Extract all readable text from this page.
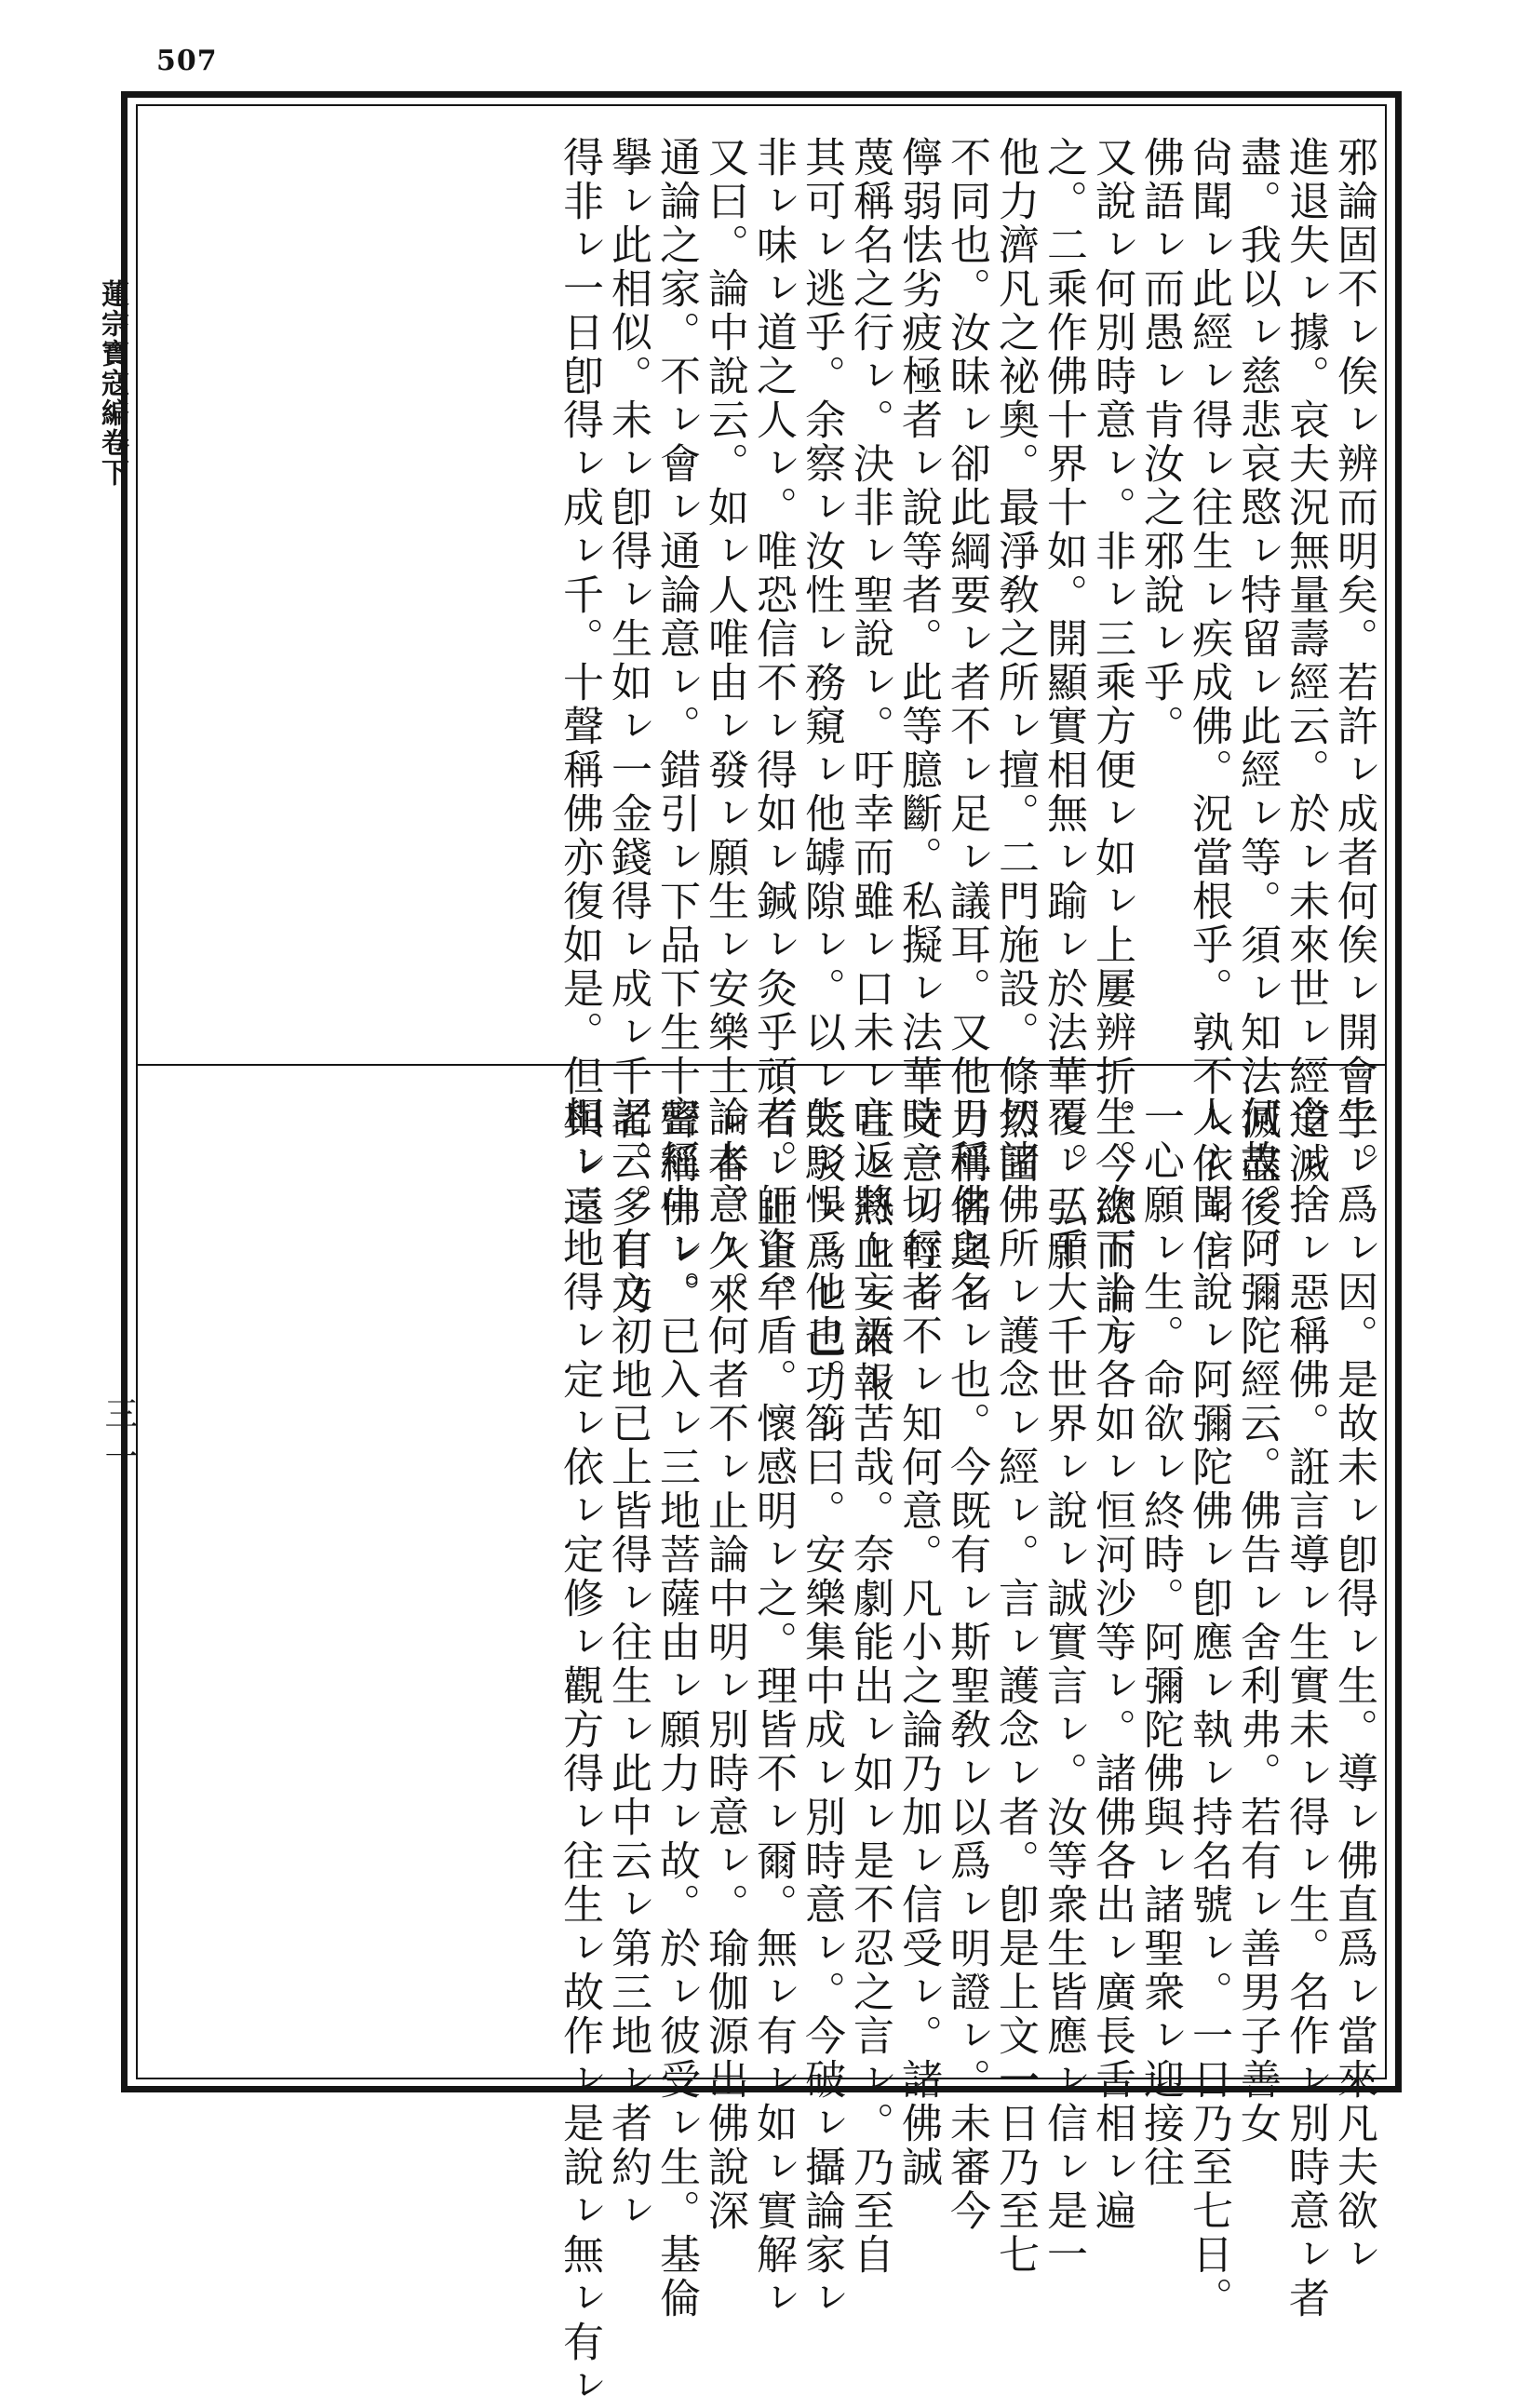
507
蓮宗寶寇編卷下
三一
邪論固不ㇾ俟ㇾ辨而明矣。若許ㇾ成者何俟ㇾ開會乎。
進退失ㇾ據。哀夫況無量壽經云。於ㇾ未來世ㇾ經道滅
盡。我以ㇾ慈悲哀愍ㇾ特留ㇾ此經ㇾ等。須ㇾ知法滅盡後。
尙聞ㇾ此經ㇾ得ㇾ往生ㇾ疾成佛。況當根乎。孰不ㇾ依ㇾ信
佛語ㇾ而愚ㇾ肯汝之邪說ㇾ乎。
又說ㇾ何別時意ㇾ。非ㇾ三乘方便ㇾ如ㇾ上屢辨折。今總而論ㇾ
之。二乘作佛十界十如。開顯實相無ㇾ踰ㇾ於法華ㇾ。弘願
他力濟凡之祕奧。最淨敎之所ㇾ擅。二門施設。條然固
不同也。汝昧ㇾ卻此綱要ㇾ者不ㇾ足ㇾ議耳。又他力稱名與ㇾ
儜弱怯劣疲極者ㇾ說等者。此等臆斷。私擬ㇾ法華文意ㇾ輕ㇾ
蔑稱名之行ㇾ。決非ㇾ聖說ㇾ。吁幸而雖ㇾ口未ㇾ吐ㇾ熱血ㇾ來報
其可ㇾ逃乎。余察ㇾ汝性ㇾ務窺ㇾ他罅隙ㇾ。以ㇾ貶駁ㇾ爲ㇾ己功ㇾ
非ㇾ味ㇾ道之人ㇾ。唯恐信不ㇾ得如ㇾ鍼ㇾ灸乎頑石ㇾ止止。
又曰。論中說云。如ㇾ人唯由ㇾ發ㇾ願生ㇾ安樂土ㇾ者。久來
通論之家。不ㇾ會ㇾ通論意ㇾ。錯引ㇾ下品下生十聲稱佛ㇾ。
擧ㇾ此相似。未ㇾ卽得ㇾ生如ㇾ一金錢得ㇾ成ㇾ千者。多日乃
得非ㇾ一日卽得ㇾ成ㇾ千。十聲稱佛亦復如是。但與ㇾ遠
生ㇾ爲ㇾ因。是故未ㇾ卽得ㇾ生。導ㇾ佛直爲ㇾ當來凡夫欲ㇾ
令ㇾ捨ㇾ惡稱佛。誑言導ㇾ生實未ㇾ得ㇾ生。名作ㇾ別時意ㇾ者
何故。阿彌陀經云。佛告ㇾ舍利弗。若有ㇾ善男子善女
人ㇾ聞ㇾ說ㇾ阿彌陀佛ㇾ卽應ㇾ執ㇾ持名號ㇾ。一日乃至七日。
一心願ㇾ生。命欲ㇾ終時。阿彌陀佛與ㇾ諸聖衆ㇾ迎接往
生。次下十方各如ㇾ恒河沙等ㇾ。諸佛各出ㇾ廣長舌相ㇾ遍
覆ㇾ三千大千世界ㇾ說ㇾ誠實言ㇾ。汝等衆生皆應ㇾ信ㇾ是一
切諸佛所ㇾ護念ㇾ經ㇾ。言ㇾ護念ㇾ者。卽是上文一日乃至七
日稱佛之名ㇾ也。今既有ㇾ斯聖敎ㇾ以爲ㇾ明證ㇾ。未審今
時一切行者不ㇾ知何意。凡小之論乃加ㇾ信受ㇾ。諸佛誠
言返將ㇾ妄語ㇾ苦哉。奈劇能出ㇾ如ㇾ是不忍之言ㇾ。乃至自
失ㇾ悞ㇾ他也。箚曰。安樂集中成ㇾ別時意ㇾ。今破ㇾ攝論家ㇾ
者。師資牟盾。懷感明ㇾ之。理皆不ㇾ爾。無ㇾ有ㇾ如ㇾ實解ㇾ
論本意ㇾ。何者不ㇾ止論中明ㇾ別時意ㇾ。瑜伽源出佛說深
密經中ㇾ。已入ㇾ三地菩薩由ㇾ願力ㇾ故。於ㇾ彼受ㇾ生。基倫
記云。有文初地已上皆得ㇾ往生ㇾ此中云ㇾ第三地ㇾ者約ㇾ
相ㇾ三地得ㇾ定ㇾ依ㇾ定修ㇾ觀方得ㇾ往生ㇾ故作ㇾ是說ㇾ無ㇾ有ㇾ
